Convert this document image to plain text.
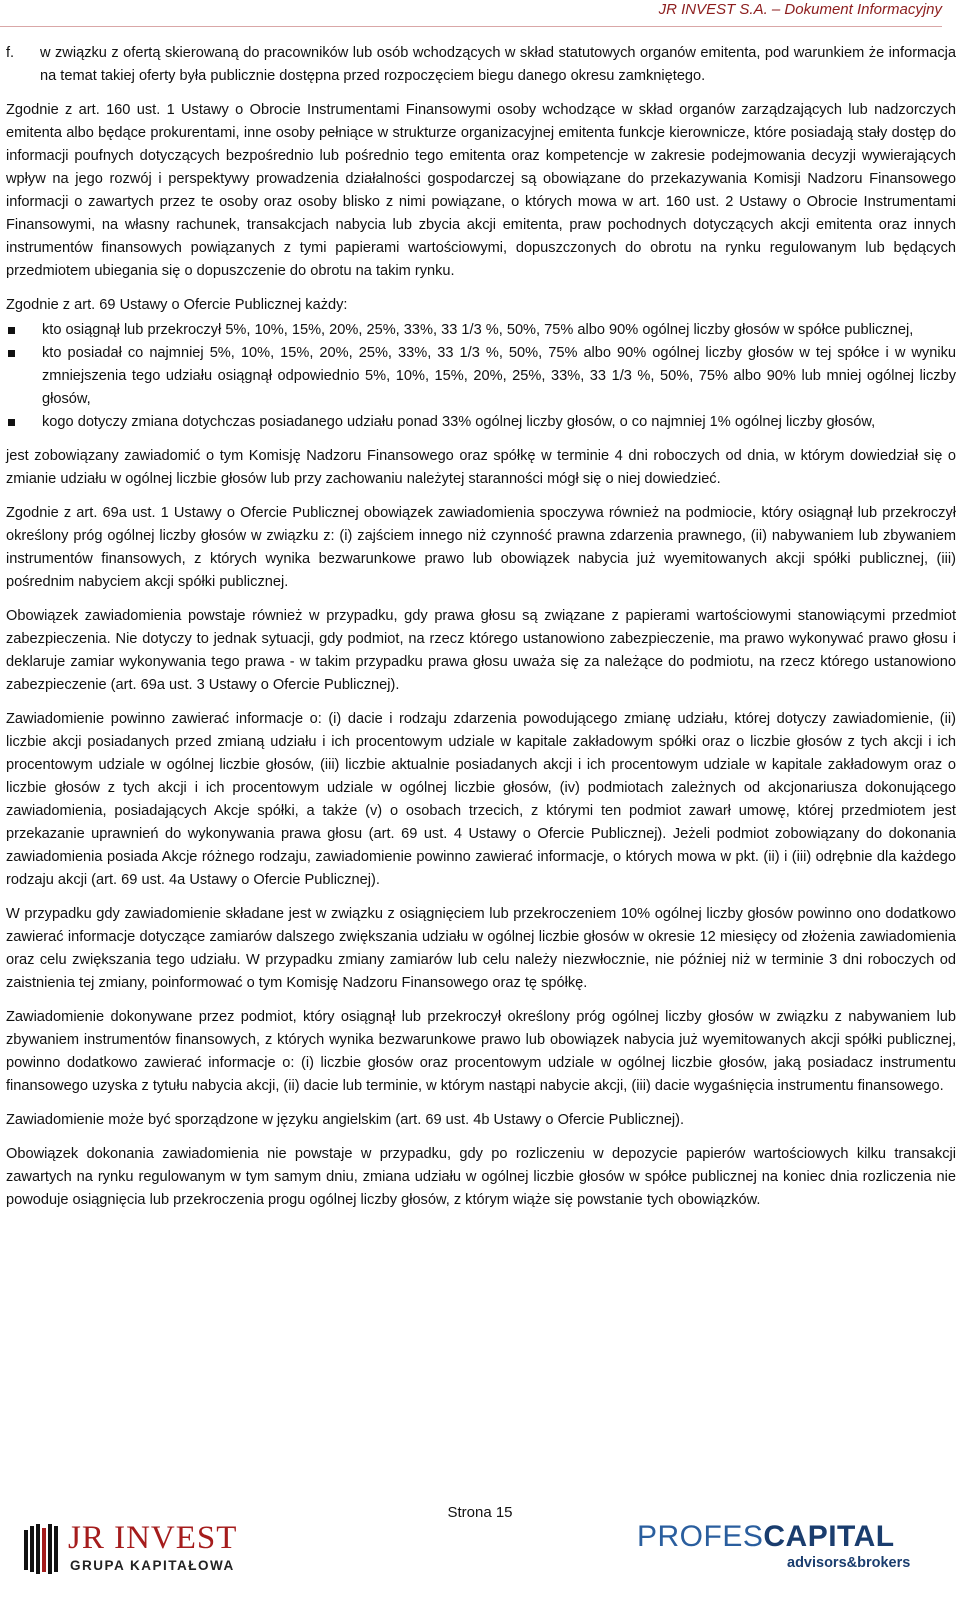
JR INVEST S.A. – Dokument Informacyjny
f.	w związku z ofertą skierowaną do pracowników lub osób wchodzących w skład statutowych organów emitenta, pod warunkiem że informacja na temat takiej oferty była publicznie dostępna przed rozpoczęciem biegu danego okresu zamkniętego.

Zgodnie z art. 160 ust. 1 Ustawy o Obrocie Instrumentami Finansowymi osoby wchodzące w skład organów zarządzających lub nadzorczych emitenta albo będące prokurentami, inne osoby pełniące w strukturze organizacyjnej emitenta funkcje kierownicze, które posiadają stały dostęp do informacji poufnych dotyczących bezpośrednio lub pośrednio tego emitenta oraz kompetencje w zakresie podejmowania decyzji wywierających wpływ na jego rozwój i perspektywy prowadzenia działalności gospodarczej są obowiązane do przekazywania Komisji Nadzoru Finansowego informacji o zawartych przez te osoby oraz osoby blisko z nimi powiązane, o których mowa w art. 160 ust. 2 Ustawy o Obrocie Instrumentami Finansowymi, na własny rachunek, transakcjach nabycia lub zbycia akcji emitenta, praw pochodnych dotyczących akcji emitenta oraz innych instrumentów finansowych powiązanych z tymi papierami wartościowymi, dopuszczonych do obrotu na rynku regulowanym lub będących przedmiotem ubiegania się o dopuszczenie do obrotu na takim rynku.

Zgodnie z art. 69 Ustawy o Ofercie Publicznej każdy:

kto osiągnął lub przekroczył 5%, 10%, 15%, 20%, 25%, 33%, 33 1/3 %, 50%, 75% albo 90% ogólnej liczby głosów w spółce publicznej,
kto posiadał co najmniej 5%, 10%, 15%, 20%, 25%, 33%, 33 1/3 %, 50%, 75% albo 90% ogólnej liczby głosów w tej spółce i w wyniku zmniejszenia tego udziału osiągnął odpowiednio 5%, 10%, 15%, 20%, 25%, 33%, 33 1/3 %, 50%, 75% albo 90% lub mniej ogólnej liczby głosów,
kogo dotyczy zmiana dotychczas posiadanego udziału ponad 33% ogólnej liczby głosów, o co najmniej 1% ogólnej liczby głosów,

jest zobowiązany zawiadomić o tym Komisję Nadzoru Finansowego oraz spółkę w terminie 4 dni roboczych od dnia, w którym dowiedział się o zmianie udziału w ogólnej liczbie głosów lub przy zachowaniu należytej staranności mógł się o niej dowiedzieć.

Zgodnie z art. 69a ust. 1 Ustawy o Ofercie Publicznej obowiązek zawiadomienia spoczywa również na podmiocie, który osiągnął lub przekroczył określony próg ogólnej liczby głosów w związku z: (i) zajściem innego niż czynność prawna zdarzenia prawnego, (ii) nabywaniem lub zbywaniem instrumentów finansowych, z których wynika bezwarunkowe prawo lub obowiązek nabycia już wyemitowanych akcji spółki publicznej, (iii) pośrednim nabyciem akcji spółki publicznej.

Obowiązek zawiadomienia powstaje również w przypadku, gdy prawa głosu są związane z papierami wartościowymi stanowiącymi przedmiot zabezpieczenia. Nie dotyczy to jednak sytuacji, gdy podmiot, na rzecz którego ustanowiono zabezpieczenie, ma prawo wykonywać prawo głosu i deklaruje zamiar wykonywania tego prawa - w takim przypadku prawa głosu uważa się za należące do podmiotu, na rzecz którego ustanowiono zabezpieczenie (art. 69a ust. 3 Ustawy o Ofercie Publicznej).

Zawiadomienie powinno zawierać informacje o: (i) dacie i rodzaju zdarzenia powodującego zmianę udziału, której dotyczy zawiadomienie, (ii) liczbie akcji posiadanych przed zmianą udziału i ich procentowym udziale w kapitale zakładowym spółki oraz o liczbie głosów z tych akcji i ich procentowym udziale w ogólnej liczbie głosów, (iii) liczbie aktualnie posiadanych akcji i ich procentowym udziale w kapitale zakładowym oraz o liczbie głosów z tych akcji i ich procentowym udziale w ogólnej liczbie głosów, (iv) podmiotach zależnych od akcjonariusza dokonującego zawiadomienia, posiadających Akcje spółki, a także (v) o osobach trzecich, z którymi ten podmiot zawarł umowę, której przedmiotem jest przekazanie uprawnień do wykonywania prawa głosu (art. 69 ust. 4 Ustawy o Ofercie Publicznej). Jeżeli podmiot zobowiązany do dokonania zawiadomienia posiada Akcje różnego rodzaju, zawiadomienie powinno zawierać informacje, o których mowa w pkt. (ii) i (iii) odrębnie dla każdego rodzaju akcji (art. 69 ust. 4a Ustawy o Ofercie Publicznej).

W przypadku gdy zawiadomienie składane jest w związku z osiągnięciem lub przekroczeniem 10% ogólnej liczby głosów powinno ono dodatkowo zawierać informacje dotyczące zamiarów dalszego zwiększania udziału w ogólnej liczbie głosów w okresie 12 miesięcy od złożenia zawiadomienia oraz celu zwiększania tego udziału. W przypadku zmiany zamiarów lub celu należy niezwłocznie, nie później niż w terminie 3 dni roboczych od zaistnienia tej zmiany, poinformować o tym Komisję Nadzoru Finansowego oraz tę spółkę.

Zawiadomienie dokonywane przez podmiot, który osiągnął lub przekroczył określony próg ogólnej liczby głosów w związku z nabywaniem lub zbywaniem instrumentów finansowych, z których wynika bezwarunkowe prawo lub obowiązek nabycia już wyemitowanych akcji spółki publicznej, powinno dodatkowo zawierać informacje o: (i) liczbie głosów oraz procentowym udziale w ogólnej liczbie głosów, jaką posiadacz instrumentu finansowego uzyska z tytułu nabycia akcji, (ii) dacie lub terminie, w którym nastąpi nabycie akcji, (iii) dacie wygaśnięcia instrumentu finansowego.

Zawiadomienie może być sporządzone w języku angielskim (art. 69 ust. 4b Ustawy o Ofercie Publicznej).

Obowiązek dokonania zawiadomienia nie powstaje w przypadku, gdy po rozliczeniu w depozycie papierów wartościowych kilku transakcji zawartych na rynku regulowanym w tym samym dniu, zmiana udziału w ogólnej liczbie głosów w spółce publicznej na koniec dnia rozliczenia nie powoduje osiągnięcia lub przekroczenia progu ogólnej liczby głosów, z którym wiąże się powstanie tych obowiązków.

Strona 15
JR INVEST
GRUPA KAPITAŁOWA
PROFESCAPITAL
advisors&brokers
